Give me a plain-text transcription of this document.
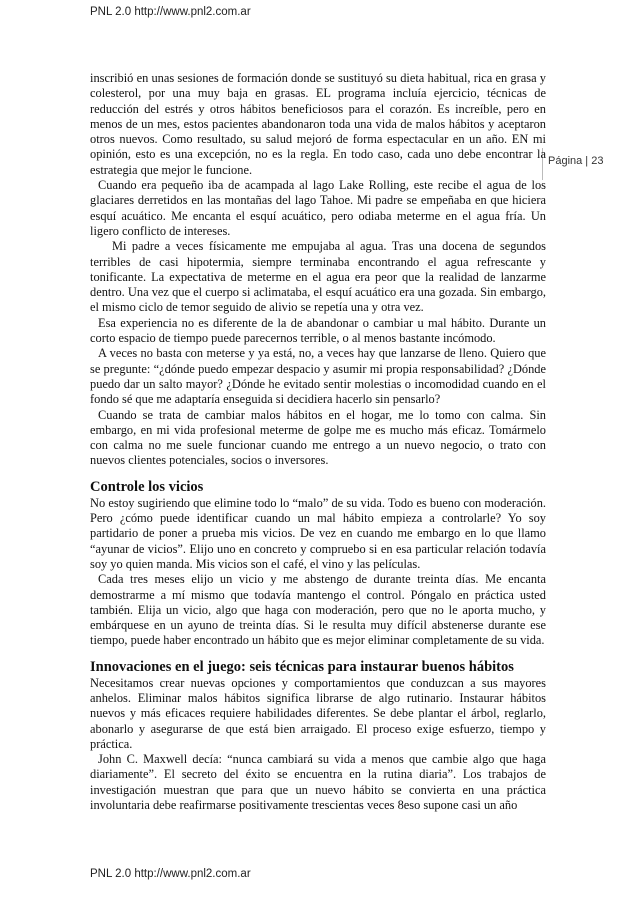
PNL 2.0 http://www.pnl2.com.ar
Página | 23

inscribió en unas sesiones de formación donde se sustituyó su dieta habitual, rica en grasa y colesterol, por una muy baja en grasas. EL programa incluía ejercicio, técnicas de reducción del estrés y otros hábitos beneficiosos para el corazón. Es increíble, pero en menos de un mes, estos pacientes abandonaron toda una vida de malos hábitos y aceptaron otros nuevos. Como resultado, su salud mejoró de forma espectacular en un año. EN mi opinión, esto es una excepción, no es la regla. En todo caso, cada uno debe encontrar la estrategia que mejor le funcione.

Cuando era pequeño iba de acampada al lago Lake Rolling, este recibe el agua de los glaciares derretidos en las montañas del lago Tahoe. Mi padre se empeñaba en que hiciera esquí acuático. Me encanta el esquí acuático, pero odiaba meterme en el agua fría. Un ligero conflicto de intereses.

Mi padre a veces físicamente me empujaba al agua. Tras una docena de segundos terribles de casi hipotermia, siempre terminaba encontrando el agua refrescante y tonificante. La expectativa de meterme en el agua era peor que la realidad de lanzarme dentro. Una vez que el cuerpo si aclimataba, el esquí acuático era una gozada. Sin embargo, el mismo ciclo de temor seguido de alivio se repetía una y otra vez.

Esa experiencia no es diferente de la de abandonar o cambiar u mal hábito. Durante un corto espacio de tiempo puede parecernos terrible, o al menos bastante incómodo.

A veces no basta con meterse y ya está, no, a veces hay que lanzarse de lleno. Quiero que se pregunte: “¿dónde puedo empezar despacio y asumir mi propia responsabilidad? ¿Dónde puedo dar un salto mayor? ¿Dónde he evitado sentir molestias o incomodidad cuando en el fondo sé que me adaptaría enseguida si decidiera hacerlo sin pensarlo?

Cuando se trata de cambiar malos hábitos en el hogar, me lo tomo con calma. Sin embargo, en mi vida profesional meterme de golpe me es mucho más eficaz. Tomármelo con calma no me suele funcionar cuando me entrego a un nuevo negocio, o trato con nuevos clientes potenciales, socios o inversores.

Controle los vicios

No estoy sugiriendo que elimine todo lo “malo” de su vida. Todo es bueno con moderación. Pero ¿cómo puede identificar cuando un mal hábito empieza a controlarle? Yo soy partidario de poner a prueba mis vicios. De vez en cuando me embargo en lo que llamo “ayunar de vicios”. Elijo uno en concreto y compruebo si en esa particular relación todavía soy yo quien manda. Mis vicios son el café, el vino y las películas.

Cada tres meses elijo un vicio y me abstengo de durante treinta días. Me encanta demostrarme a mí mismo que todavía mantengo el control. Póngalo en práctica usted también. Elija un vicio, algo que haga con moderación, pero que no le aporta mucho, y embárquese en un ayuno de treinta días. Si le resulta muy difícil abstenerse durante ese tiempo, puede haber encontrado un hábito que es mejor eliminar completamente de su vida.

Innovaciones en el juego: seis técnicas para instaurar buenos hábitos

Necesitamos crear nuevas opciones y comportamientos que conduzcan a sus mayores anhelos. Eliminar malos hábitos significa librarse de algo rutinario. Instaurar hábitos nuevos y más eficaces requiere habilidades diferentes. Se debe plantar el árbol, reglarlo, abonarlo y asegurarse de que está bien arraigado. El proceso exige esfuerzo, tiempo y práctica.

John C. Maxwell decía: “nunca cambiará su vida a menos que cambie algo que haga diariamente”. El secreto del éxito se encuentra en la rutina diaria”. Los trabajos de investigación muestran que para que un nuevo hábito se convierta en una práctica involuntaria debe reafirmarse positivamente trescientas veces 8eso supone casi un año

PNL 2.0 http://www.pnl2.com.ar
